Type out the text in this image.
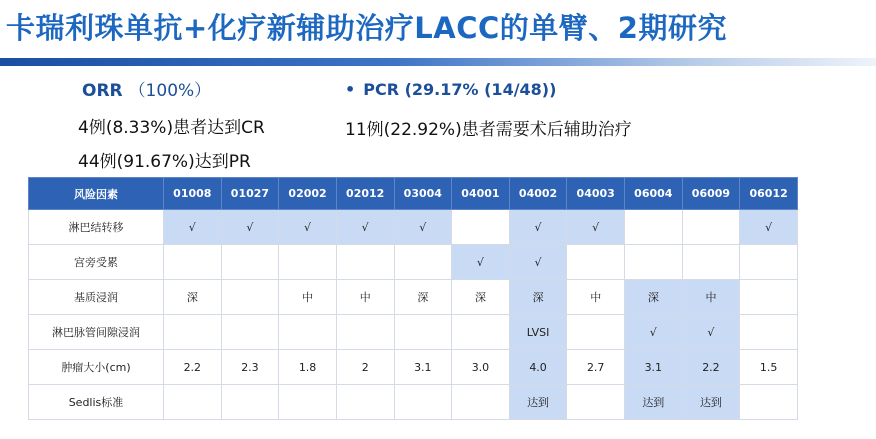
卡瑞利珠单抗+化疗新辅助治疗LACC的单臂、2期研究

ORR （100%）

4例(8.33%)患者达到CR

44例(91.67%)达到PR

• PCR (29.17% (14/48))

11例(22.92%)患者需要术后辅助治疗

风险因素	01008	01027	02002	02012	03004	04001	04002	04003	06004	06009	06012
淋巴结转移	√	√	√	√	√		√	√			√
宫旁受累						√	√				
基质浸润	深		中	中	深	深	深	中	深	中	
淋巴脉管间隙浸润							LVSI		√	√	
肿瘤大小(cm)	2.2	2.3	1.8	2	3.1	3.0	4.0	2.7	3.1	2.2	1.5
Sedlis标准							达到		达到	达到	
